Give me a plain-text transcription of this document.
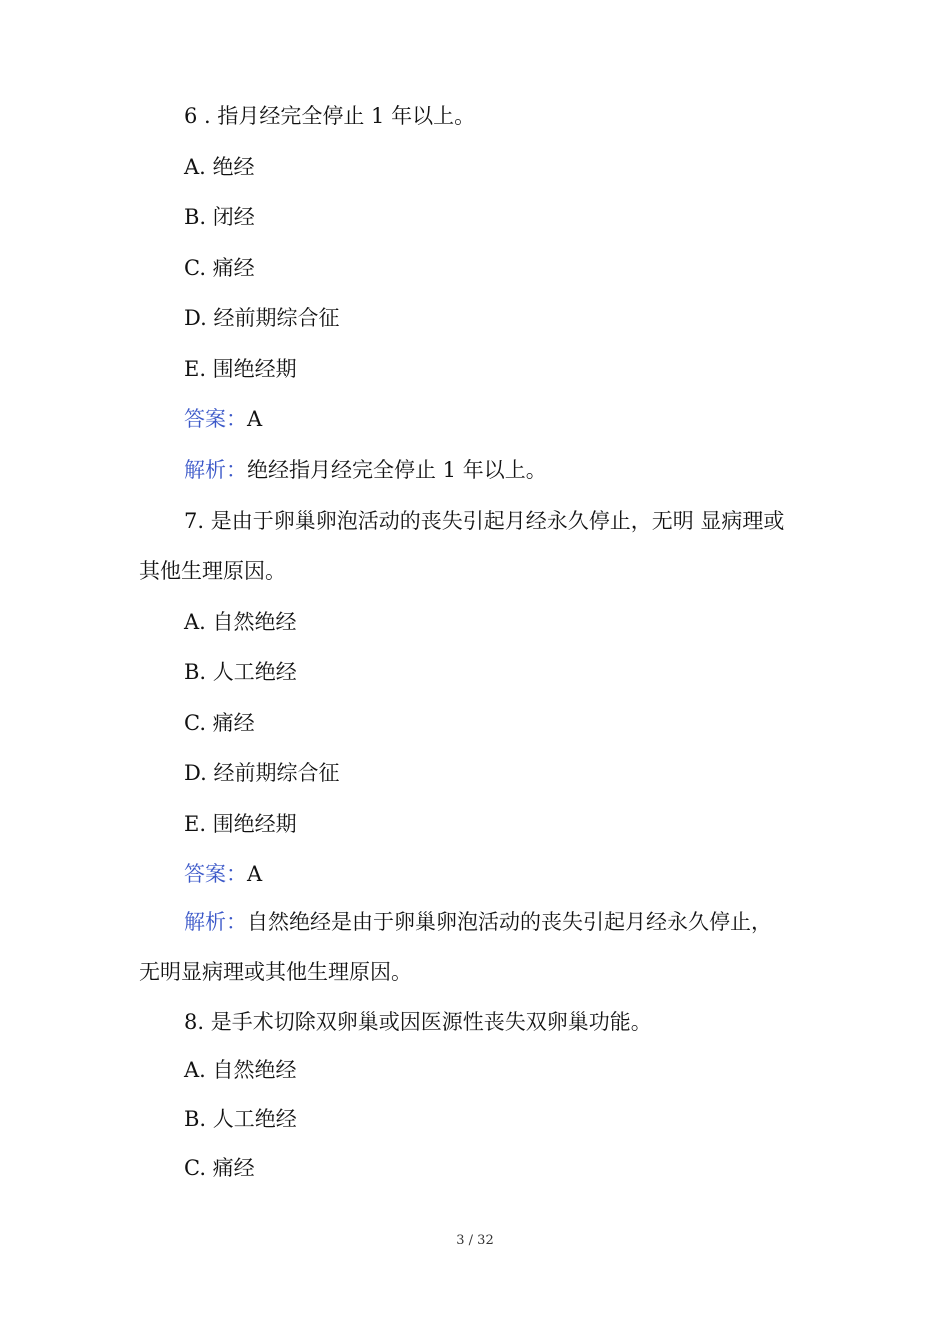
6 . 指月经完全停止 1 年以上。
A. 绝经
B. 闭经
C. 痛经
D. 经前期综合征
E. 围绝经期
答案：A
解析：绝经指月经完全停止 1 年以上。
7. 是由于卵巢卵泡活动的丧失引起月经永久停止，无明 显病理或
其他生理原因。
A. 自然绝经
B. 人工绝经
C. 痛经
D. 经前期综合征
E. 围绝经期
答案：A
解析：自然绝经是由于卵巢卵泡活动的丧失引起月经永久停止，
无明显病理或其他生理原因。
8. 是手术切除双卵巢或因医源性丧失双卵巢功能。
A. 自然绝经
B. 人工绝经
C. 痛经
3 / 32
